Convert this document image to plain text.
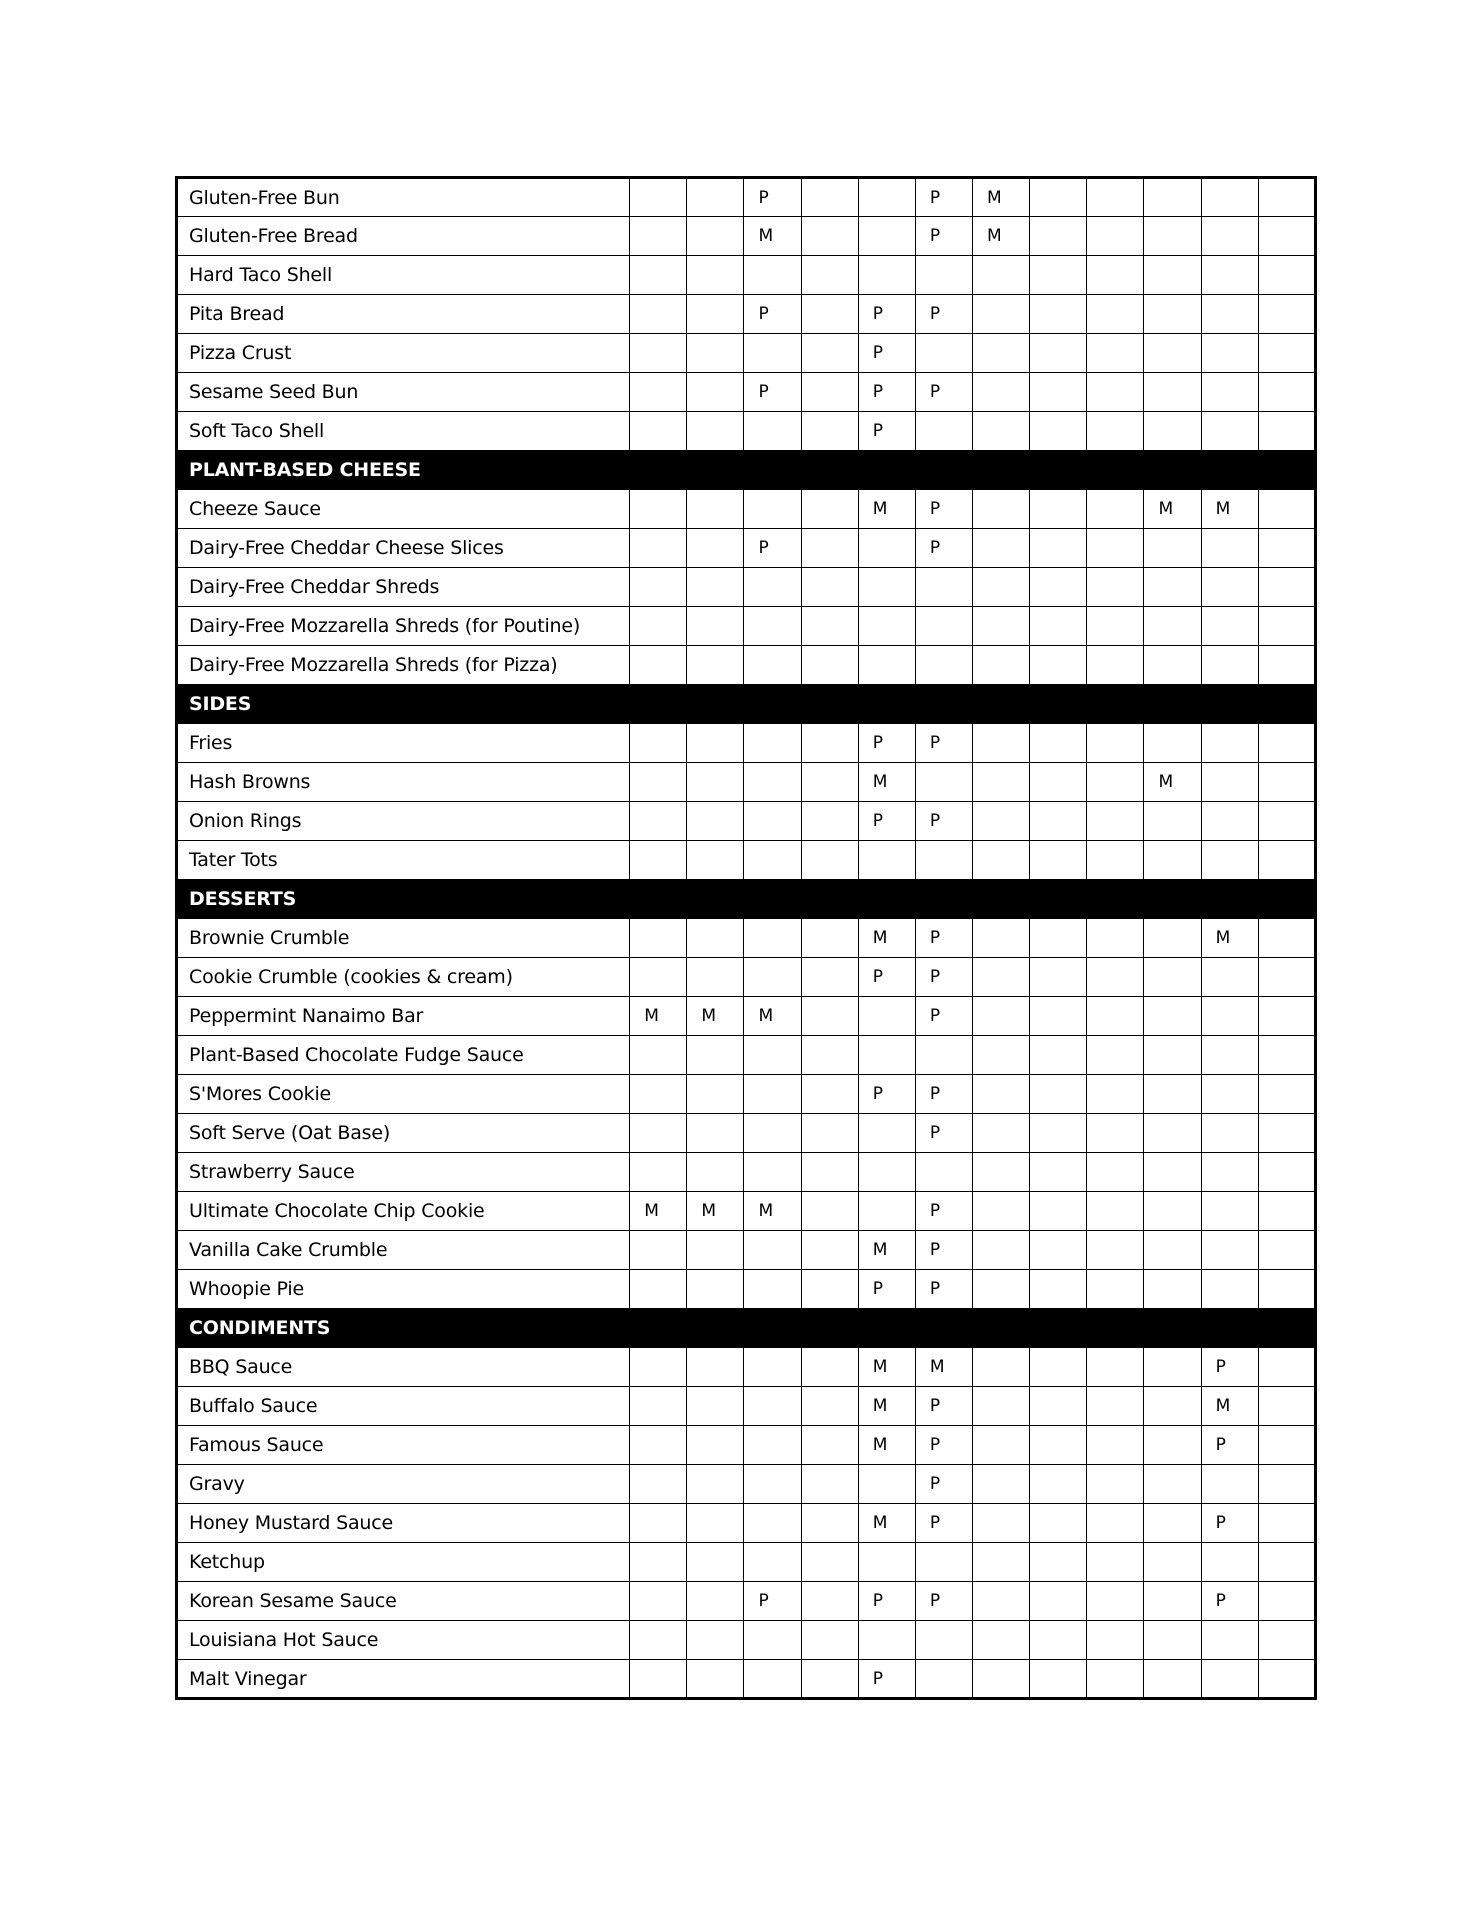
Gluten-Free Bun			P			P	M					
Gluten-Free Bread			M			P	M					
Hard Taco Shell												
Pita Bread			P		P	P						
Pizza Crust					P							
Sesame Seed Bun			P		P	P						
Soft Taco Shell					P							
PLANT-BASED CHEESE												
Cheeze Sauce					M	P				M	M	
Dairy-Free Cheddar Cheese Slices			P			P						
Dairy-Free Cheddar Shreds												
Dairy-Free Mozzarella Shreds (for Poutine)												
Dairy-Free Mozzarella Shreds (for Pizza)												
SIDES												
Fries					P	P						
Hash Browns					M					M		
Onion Rings					P	P						
Tater Tots												
DESSERTS												
Brownie Crumble					M	P					M	
Cookie Crumble (cookies & cream)					P	P						
Peppermint Nanaimo Bar	M	M	M			P						
Plant-Based Chocolate Fudge Sauce												
S'Mores Cookie					P	P						
Soft Serve (Oat Base)						P						
Strawberry Sauce												
Ultimate Chocolate Chip Cookie	M	M	M			P						
Vanilla Cake Crumble					M	P						
Whoopie Pie					P	P						
CONDIMENTS												
BBQ Sauce					M	M					P	
Buffalo Sauce					M	P					M	
Famous Sauce					M	P					P	
Gravy						P						
Honey Mustard Sauce					M	P					P	
Ketchup												
Korean Sesame Sauce			P		P	P					P	
Louisiana Hot Sauce												
Malt Vinegar					P							
